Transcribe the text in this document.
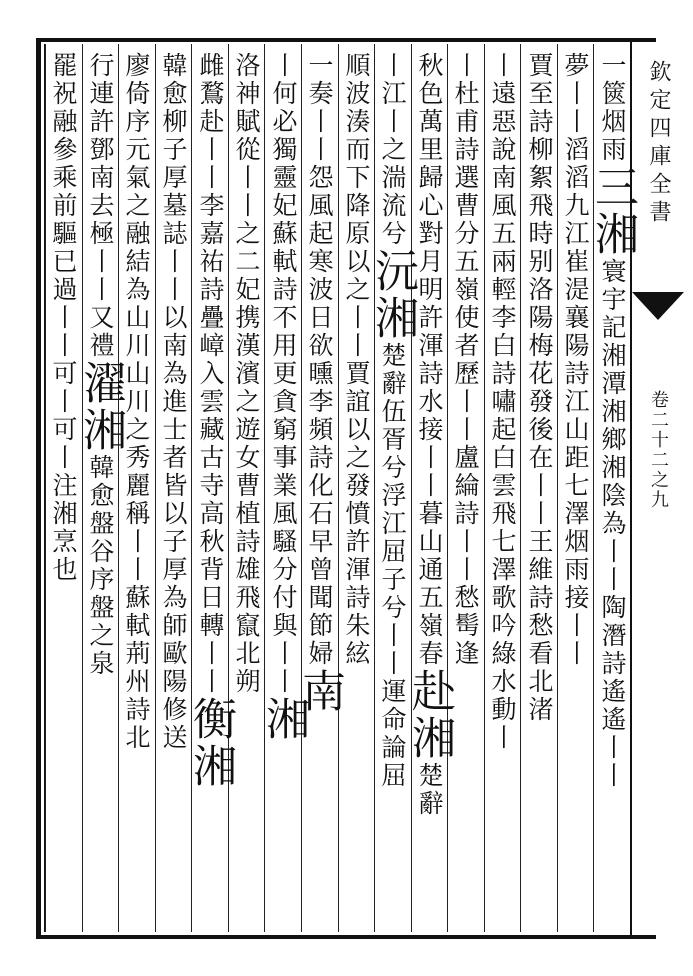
欽定四庫全書
卷二十二之九
一篋烟雨三湘寰宇記湘潭湘鄉湘陰為丨丨陶潛詩遙遙丨丨
夢丨丨滔滔九江崔湜襄陽詩江山距七澤烟雨接丨丨
賈至詩柳絮飛時别洛陽梅花發後在丨丨王維詩愁看北渚
丨遠惡說南風五兩輕李白詩嘯起白雲飛七澤歌吟綠水動丨
丨杜甫詩選曹分五嶺使者歷丨丨盧綸詩丨丨愁髩逢
秋色萬里歸心對月明許渾詩水接丨丨暮山通五嶺春赴湘楚辭
丨江丨之湍流兮沅湘楚辭伍胥兮浮江屈子兮丨丨運命論屈
順波湊而下降原以之丨丨賈誼以之發憤許渾詩朱絃
一奏丨丨怨風起寒波日欲曛李頻詩化石早曾聞節婦南
丨何必獨靈妃蘇軾詩不用更貪窮事業風騷分付與丨丨湘
洛神賦從丨丨之二妃携漢濱之遊女曹植詩雄飛竄北朔
雌鶩赴丨丨李嘉祐詩疊嶂入雲藏古寺高秋背日轉丨丨衡湘
韓愈柳子厚墓誌丨丨以南為進士者皆以子厚為師歐陽修送
廖倚序元氣之融結為山川山川之秀麗稱丨丨蘇軾荊州詩北
行連許鄧南去極丨丨又禮濯湘韓愈盤谷序盤之泉
罷祝融參乘前驅已過丨丨可丨可丨注湘烹也
